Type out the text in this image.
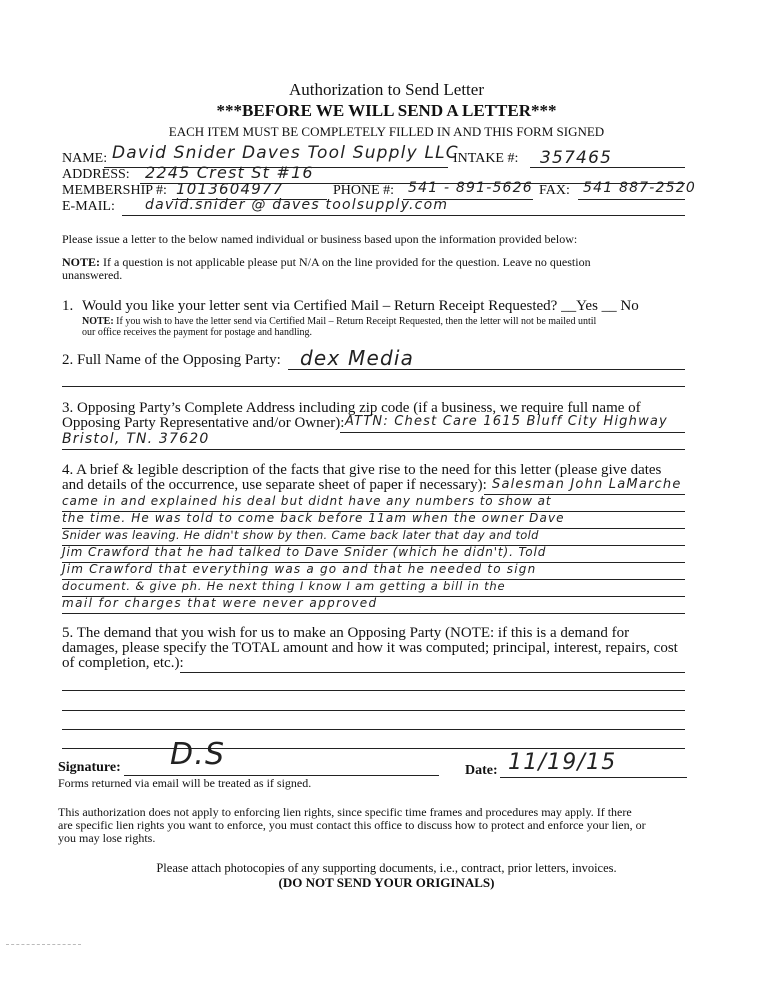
Authorization to Send Letter
***BEFORE WE WILL SEND A LETTER***
EACH ITEM MUST BE COMPLETELY FILLED IN AND THIS FORM SIGNED
NAME: David Snider Daves Tool Supply LLC
INTAKE #: 357465
ADDRESS: 2245 Crest St #16
MEMBERSHIP #: 1013604977	PHONE #: 541 - 891-5626 FAX: 541 887-2520
E-MAIL: david.snider @ daves toolsupply.com
Please issue a letter to the below named individual or business based upon the information provided below:
NOTE: If a question is not applicable please put N/A on the line provided for the question. Leave no question
unanswered.
1. Would you like your letter sent via Certified Mail – Return Receipt Requested? __Yes __ No
NOTE: If you wish to have the letter send via Certified Mail – Return Receipt Requested, then the letter will not be mailed until
our office receives the payment for postage and handling.
2. Full Name of the Opposing Party: dex Media
3. Opposing Party’s Complete Address including zip code (if a business, we require full name of
Opposing Party Representative and/or Owner): ATTN: Chest Care 1615 Bluff City Highway
Bristol, TN. 37620
4. A brief & legible description of the facts that give rise to the need for this letter (please give dates
and details of the occurrence, use separate sheet of paper if necessary): Salesman John LaMarche
came in and explained his deal but didnt have any numbers to show at
the time. He was told to come back before 11am when the owner Dave
Snider was leaving. He didn't show by then. Came back later that day and told
Jim Crawford that he had talked to Dave Snider (which he didn't). Told
Jim Crawford that everything was a go and that he needed to sign
document. & give ph. He next thing I know I am getting a bill in the
mail for charges that were never approved
5. The demand that you wish for us to make an Opposing Party (NOTE: if this is a demand for
damages, please specify the TOTAL amount and how it was computed; principal, interest, repairs, cost
of completion, etc.):
Signature: D.S	Date: 11/19/15
Forms returned via email will be treated as if signed.
This authorization does not apply to enforcing lien rights, since specific time frames and procedures may apply. If there
are specific lien rights you want to enforce, you must contact this office to discuss how to protect and enforce your lien, or
you may lose rights.
Please attach photocopies of any supporting documents, i.e., contract, prior letters, invoices.
(DO NOT SEND YOUR ORIGINALS)
